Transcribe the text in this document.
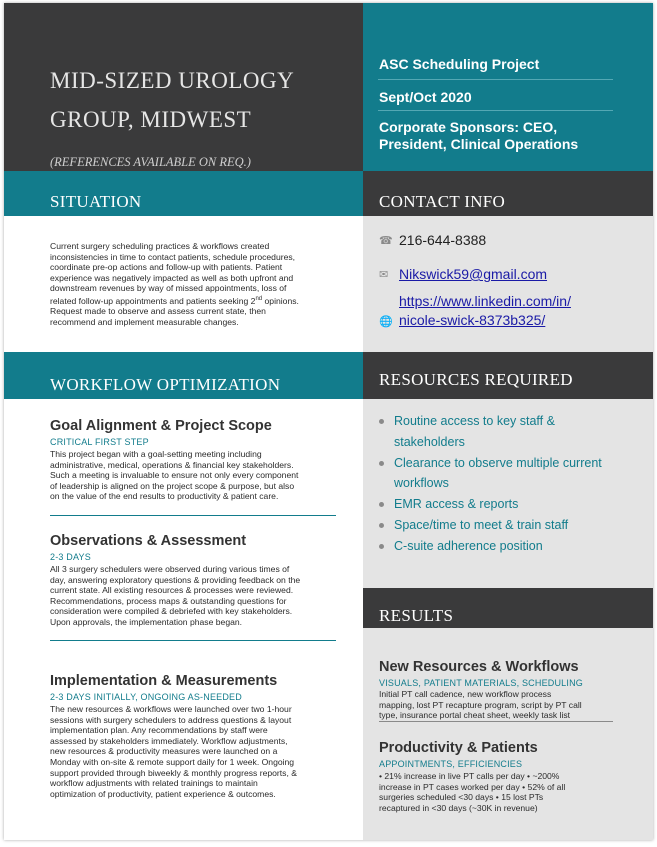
MID-SIZED UROLOGY
GROUP, MIDWEST
(REFERENCES AVAILABLE ON REQ.)
ASC Scheduling Project
Sept/Oct 2020
Corporate Sponsors: CEO,
President, Clinical Operations
SITUATION	CONTACT INFO
Current surgery scheduling practices & workflows created
inconsistencies in time to contact patients, schedule procedures,
coordinate pre-op actions and follow-up with patients. Patient
experience was negatively impacted as well as both upfront and
downstream revenues by way of missed appointments, loss of
related follow-up appointments and patients seeking 2nd opinions.
Request made to observe and assess current state, then
recommend and implement measurable changes.
☎ 216-644-8388
✉ Nikswick59@gmail.com
🌐
https://www.linkedin.com/in/
nicole-swick-8373b325/
WORKFLOW OPTIMIZATION	RESOURCES REQUIRED
Goal Alignment & Project Scope
CRITICAL FIRST STEP
This project began with a goal-setting meeting including
administrative, medical, operations & financial key stakeholders.
Such a meeting is invaluable to ensure not only every component
of leadership is aligned on the project scope & purpose, but also
on the value of the end results to productivity & patient care.
Observations & Assessment
2-3 DAYS
All 3 surgery schedulers were observed during various times of
day, answering exploratory questions & providing feedback on the
current state. All existing resources & processes were reviewed.
Recommendations, process maps & outstanding questions for
consideration were compiled & debriefed with key stakeholders.
Upon approvals, the implementation phase began.
Implementation & Measurements
2-3 DAYS INITIALLY, ONGOING AS-NEEDED
The new resources & workflows were launched over two 1-hour
sessions with surgery schedulers to address questions & layout
implementation plan. Any recommendations by staff were
assessed by stakeholders immediately. Workflow adjustments,
new resources & productivity measures were launched on a
Monday with on-site & remote support daily for 1 week. Ongoing
support provided through biweekly & monthly progress reports, &
workflow adjustments with related trainings to maintain
optimization of productivity, patient experience & outcomes.
Routine access to key staff &
stakeholders
Clearance to observe multiple current
workflows
EMR access & reports
Space/time to meet & train staff
C-suite adherence position
RESULTS
New Resources & Workflows
VISUALS, PATIENT MATERIALS, SCHEDULING
Initial PT call cadence, new workflow process
mapping, lost PT recapture program, script by PT call
type, insurance portal cheat sheet, weekly task list
Productivity & Patients
APPOINTMENTS, EFFICIENCIES
• 21% increase in live PT calls per day • ~200%
increase in PT cases worked per day • 52% of all
surgeries scheduled <30 days • 15 lost PTs
recaptured in <30 days (~30K in revenue)
